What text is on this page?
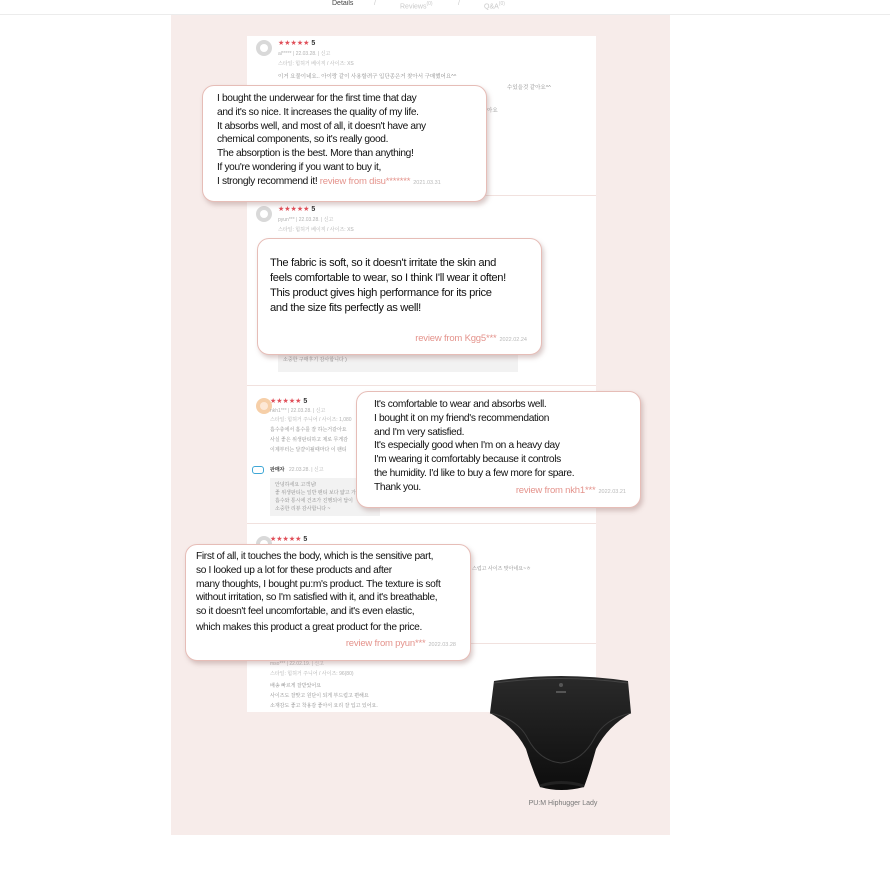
Details	/	Reviews$^{(0)}$	/	$Q\&A^{(0)}$
★★★★★ 5
al***** | 22.03.28. | 신고
스타일: 힙허거 베이직 / 사이즈: XS
이거 요물이네요.. 아이랑 같이 사용할려구 입단종은거 찾아서 구매했어요^^
수있을것 같아요^^
아요
★★★★★ 5
pyun*** | 22.03.28. | 신고
스타일: 힙허거 베이직 / 사이즈: XS
소중한 구매후기 감사합니다 )
★★★★★ 5
nkh1*** | 22.03.28. | 신고
스타일: 힙허거 주니어 / 사이즈: 1,080
흡수층에서 흡수를 잘 하는거같아요
사실 좋은 위생판티하고 제로 무게감
이제부터는 달걀이될때마다 이 팬티
판매자 22.03.28. | 신고
안녕하세요 고객님!
좋 위생판티는 일반 팬티 보다 얇고 가
흡수와 통시에 건조가 진행되어 답이
소중한 리뷰 감사합니다 ~
★★★★★ 5
스럽고 사이즈 맞아네요~ㅎ
mso*** | 22.02.19. | 신고
스타일: 힙허거 주니어 / 사이즈: 96(80)
배송 빠르게 잘받았어요
사이즈도 잘맞고 원단이 되게 부드럽고 편해요
소재감도 좋고 착용감 좋아서 요리 잘 입고 있어요.

I bought the underwear for the first time that day

and it's so nice. It increases the quality of my life.

It absorbs well, and most of all, it doesn't have any

chemical components, so it's really good.

The absorption is the best. More than anything!

If you're wondering if you want to buy it,

I strongly recommend it! review from disu******* 2021.03.31

The fabric is soft, so it doesn't irritate the skin and

feels comfortable to wear, so I think I'll wear it often!

This product gives high performance for its price

and the size fits perfectly as well!

review from Kgg5*** 2022.02.24

It's comfortable to wear and absorbs well.

I bought it on my friend's recommendation

and I'm very satisfied.

It's especially good when I'm on a heavy day

I'm wearing it comfortably because it controls

the humidity. I'd like to buy a few more for spare.

Thank you.	review from nkh1*** 2022.03.21

First of all, it touches the body, which is the sensitive part,

so I looked up a lot for these products and after

many thoughts, I bought pu:m's product. The texture is soft

without irritation, so I'm satisfied with it, and it's breathable,

so it doesn't feel uncomfortable, and it's even elastic,

which makes this product a great product for the price.

review from pyun*** 2022.03.28

PU:M Hiphugger Lady
